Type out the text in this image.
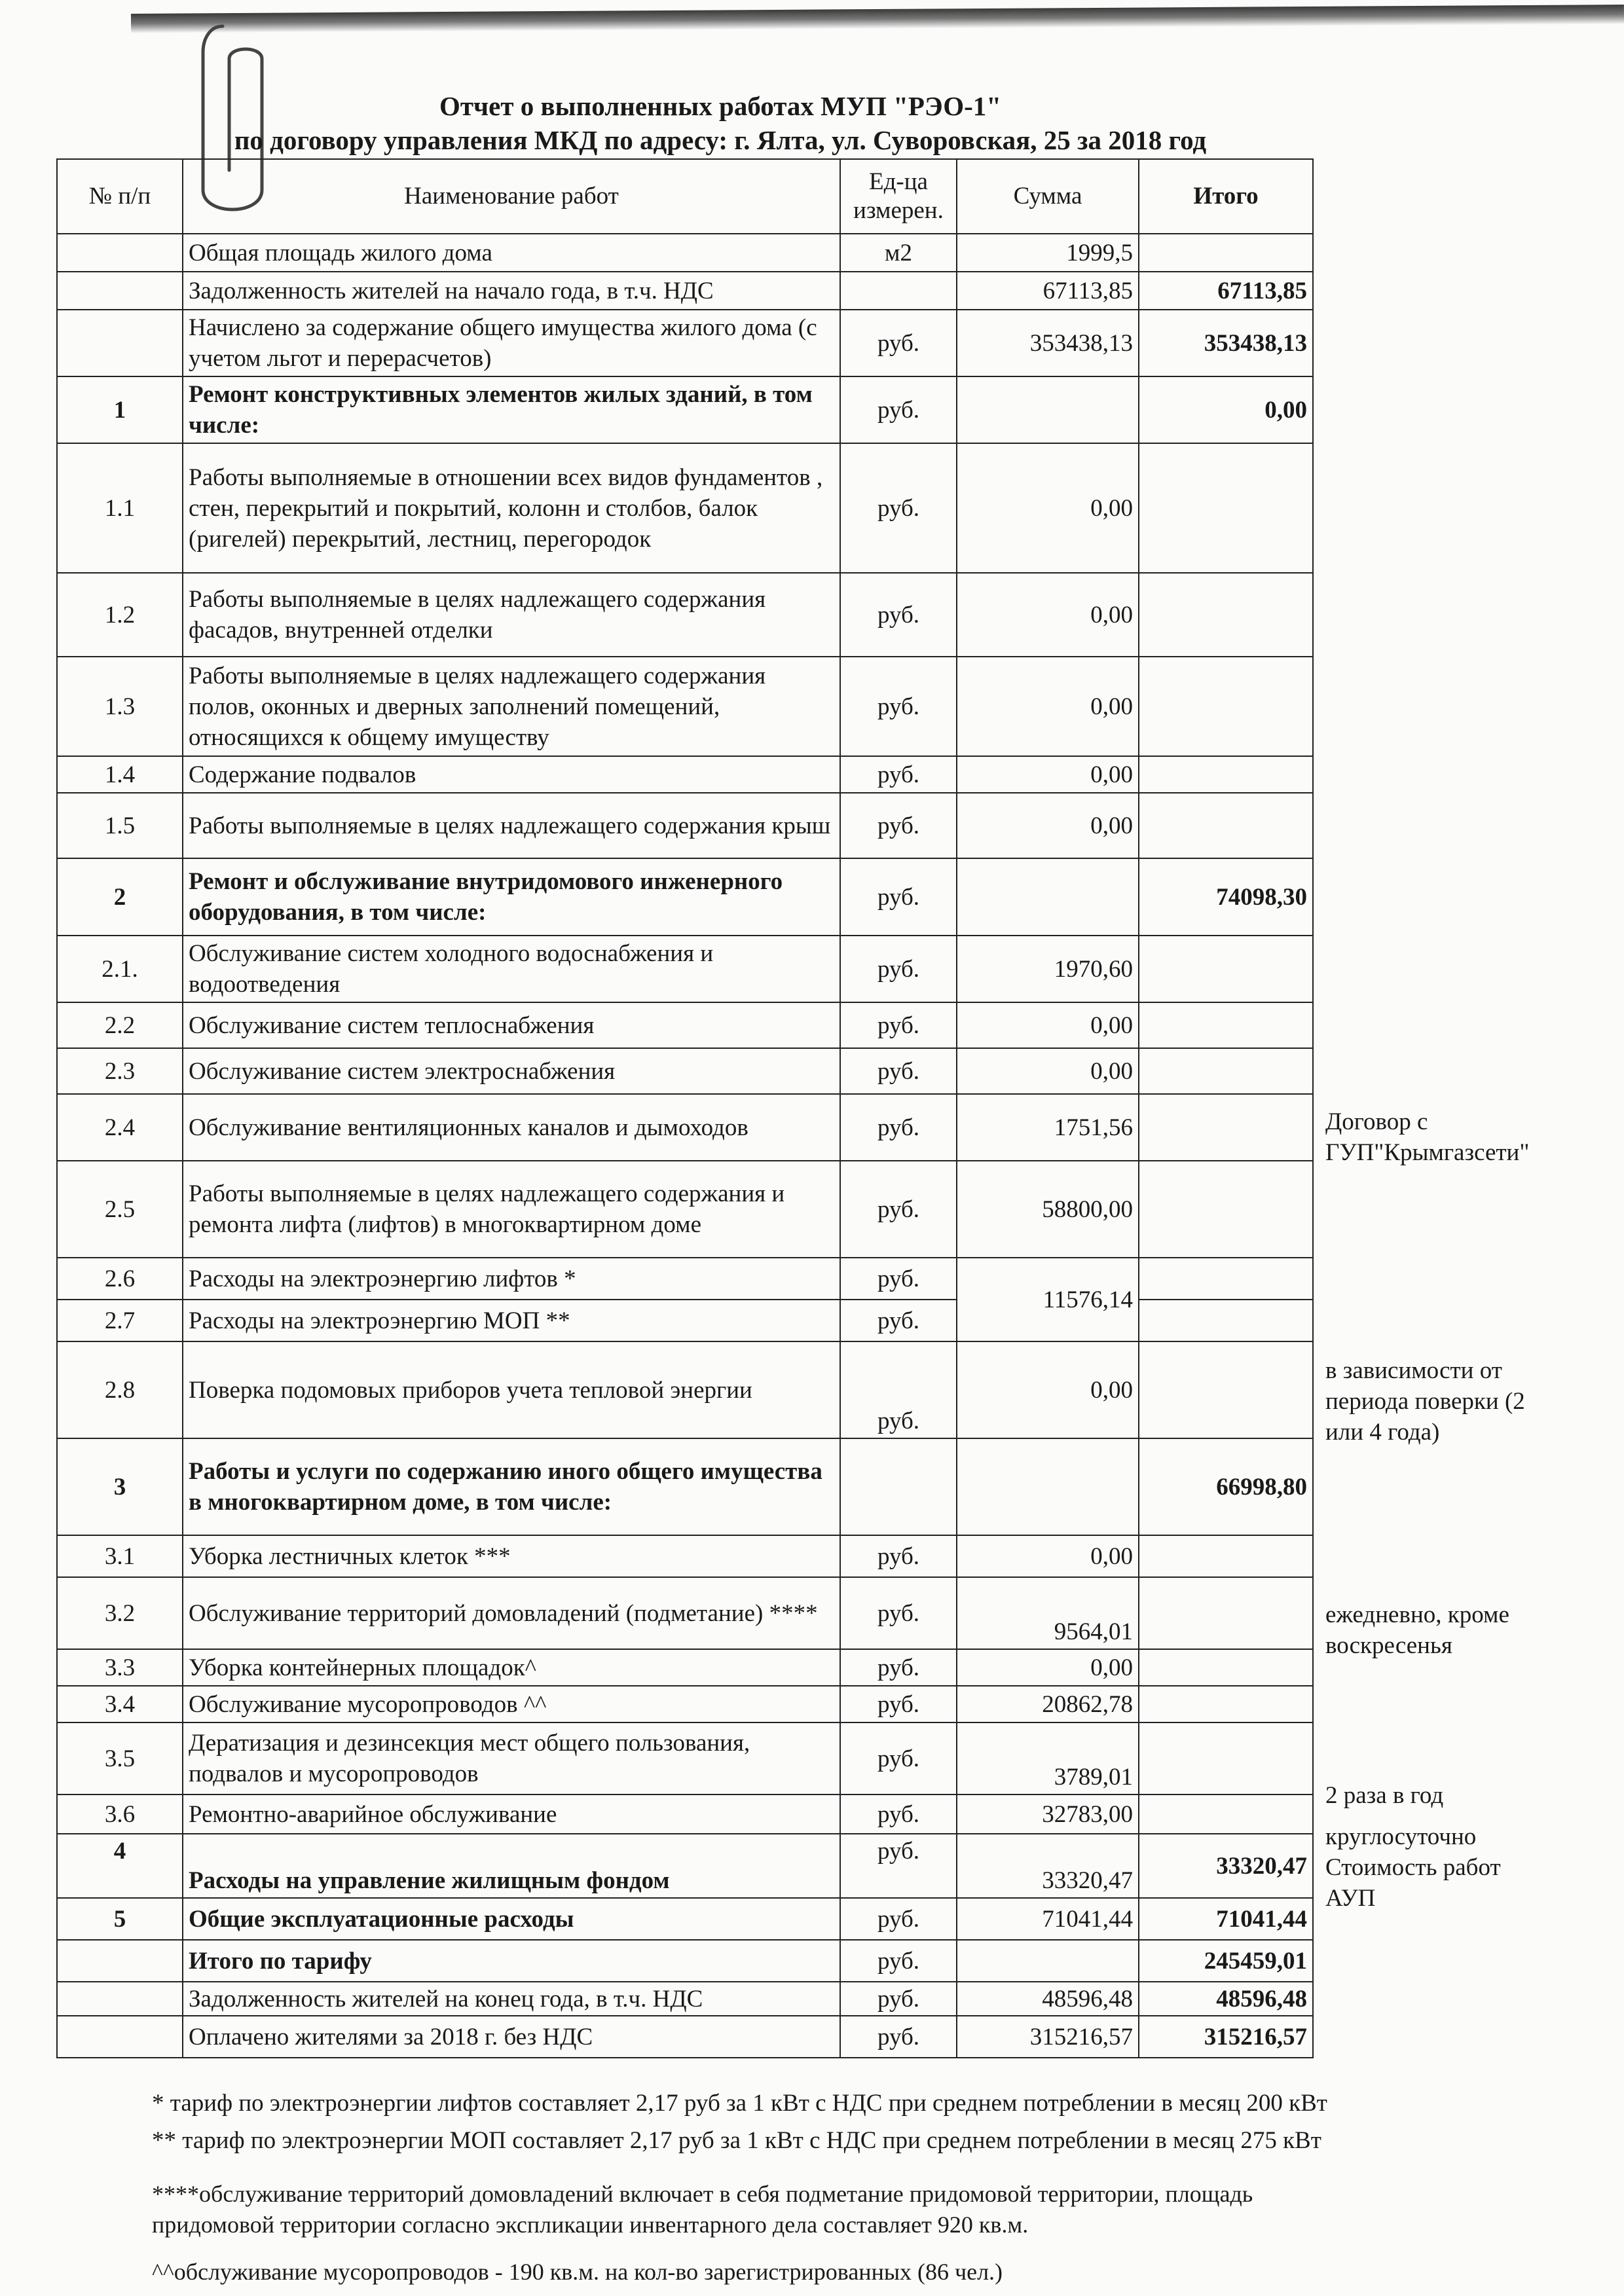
Отчет о выполненных работах МУП "РЭО-1"
по договору управления МКД по адресу: г. Ялта, ул. Суворовская, 25 за 2018 год
№ п/п	Наименование работ	Ед-ца измерен.	Сумма	Итого
	Общая площадь жилого дома	м2	1999,5	
	Задолженность жителей на начало года, в т.ч. НДС		67113,85	67113,85
	Начислено за содержание общего имущества жилого дома (с учетом льгот и перерасчетов)	руб.	353438,13	353438,13
1	Ремонт конструктивных элементов жилых зданий, в том числе:	руб.		0,00
1.1	Работы выполняемые в отношении всех видов фундаментов , стен, перекрытий и покрытий, колонн и столбов, балок (ригелей) перекрытий, лестниц, перегородок	руб.	0,00	
1.2	Работы выполняемые в целях надлежащего содержания фасадов, внутренней отделки	руб.	0,00	
1.3	Работы выполняемые в целях надлежащего содержания полов, оконных и дверных заполнений помещений, относящихся к общему имуществу	руб.	0,00	
1.4	Содержание подвалов	руб.	0,00	
1.5	Работы выполняемые в целях надлежащего содержания крыш	руб.	0,00	
2	Ремонт и обслуживание внутридомового инженерного оборудования, в том числе:	руб.		74098,30
2.1.	Обслуживание систем холодного водоснабжения и водоотведения	руб.	1970,60	
2.2	Обслуживание систем теплоснабжения	руб.	0,00	
2.3	Обслуживание систем электроснабжения	руб.	0,00	
2.4	Обслуживание вентиляционных каналов и дымоходов	руб.	1751,56	
2.5	Работы выполняемые в целях надлежащего содержания и ремонта лифта (лифтов) в многоквартирном доме	руб.	58800,00	
2.6	Расходы на электроэнергию лифтов *	руб.	11576,14	
2.7	Расходы на электроэнергию МОП **	руб.		
2.8	Поверка подомовых приборов учета тепловой энергии	руб.	0,00	
3	Работы и услуги по содержанию иного общего имущества в многоквартирном доме, в том числе:			66998,80
3.1	Уборка лестничных клеток ***	руб.	0,00	
3.2	Обслуживание территорий домовладений (подметание) ****	руб.	9564,01	
3.3	Уборка контейнерных площадок^	руб.	0,00	
3.4	Обслуживание мусоропроводов ^^	руб.	20862,78	
3.5	Дератизация и дезинсекция мест общего пользования, подвалов и мусоропроводов	руб.	3789,01	
3.6	Ремонтно-аварийное обслуживание	руб.	32783,00	
4	Расходы на управление жилищным фондом	руб.	33320,47	33320,47
5	Общие эксплуатационные расходы	руб.	71041,44	71041,44
	Итого по тарифу	руб.		245459,01
	Задолженность жителей на конец года, в т.ч. НДС	руб.	48596,48	48596,48
	Оплачено жителями за 2018 г. без НДС	руб.	315216,57	315216,57
Договор с
ГУП"Крымгазсети"
в зависимости от
периода поверки (2
или 4 года)
ежедневно, кроме
воскресенья
2 раза в год
круглосуточно
Стоимость работ
АУП
* тариф по электроэнергии лифтов составляет 2,17 руб за 1 кВт с НДС при среднем потреблении в месяц 200 кВт
** тариф по электроэнергии МОП составляет 2,17 руб за 1 кВт с НДС при среднем потреблении в месяц 275 кВт
****обслуживание территорий домовладений включает в себя подметание придомовой территории, площадь
придомовой территории согласно экспликации инвентарного дела составляет 920 кв.м.
^^обслуживание мусоропроводов - 190 кв.м. на кол-во зарегистрированных (86 чел.)
